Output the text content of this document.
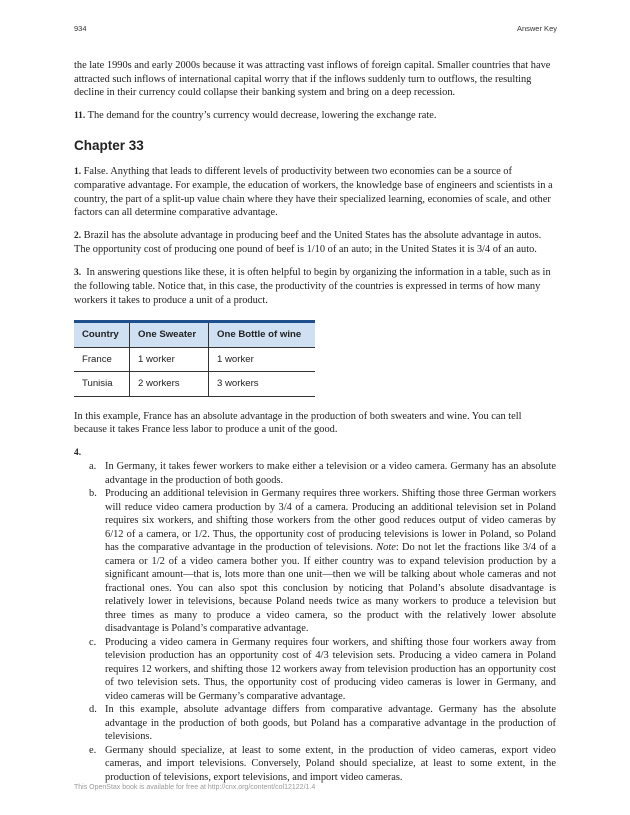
934	Answer Key

the late 1990s and early 2000s because it was attracting vast inflows of foreign capital. Smaller countries that have attracted such inflows of international capital worry that if the inflows suddenly turn to outflows, the resulting decline in their currency could collapse their banking system and bring on a deep recession.

11. The demand for the country’s currency would decrease, lowering the exchange rate.

Chapter 33

1. False. Anything that leads to different levels of productivity between two economies can be a source of comparative advantage. For example, the education of workers, the knowledge base of engineers and scientists in a country, the part of a split-up value chain where they have their specialized learning, economies of scale, and other factors can all determine comparative advantage.

2. Brazil has the absolute advantage in producing beef and the United States has the absolute advantage in autos. The opportunity cost of producing one pound of beef is 1/10 of an auto; in the United States it is 3/4 of an auto.

3. In answering questions like these, it is often helpful to begin by organizing the information in a table, such as in the following table. Notice that, in this case, the productivity of the countries is expressed in terms of how many workers it takes to produce a unit of a product.

Country	One Sweater	One Bottle of wine
France	1 worker	1 worker
Tunisia	2 workers	3 workers

In this example, France has an absolute advantage in the production of both sweaters and wine. You can tell because it takes France less labor to produce a unit of the good.

4.

a. In Germany, it takes fewer workers to make either a television or a video camera. Germany has an absolute advantage in the production of both goods.
b. Producing an additional television in Germany requires three workers. Shifting those three German workers will reduce video camera production by 3/4 of a camera. Producing an additional television set in Poland requires six workers, and shifting those workers from the other good reduces output of video cameras by 6/12 of a camera, or 1/2. Thus, the opportunity cost of producing televisions is lower in Poland, so Poland has the comparative advantage in the production of televisions. Note: Do not let the fractions like 3/4 of a camera or 1/2 of a video camera bother you. If either country was to expand television production by a significant amount—that is, lots more than one unit—then we will be talking about whole cameras and not fractional ones. You can also spot this conclusion by noticing that Poland’s absolute disadvantage is relatively lower in televisions, because Poland needs twice as many workers to produce a television but three times as many to produce a video camera, so the product with the relatively lower absolute disadvantage is Poland’s comparative advantage.
c. Producing a video camera in Germany requires four workers, and shifting those four workers away from television production has an opportunity cost of 4/3 television sets. Producing a video camera in Poland requires 12 workers, and shifting those 12 workers away from television production has an opportunity cost of two television sets. Thus, the opportunity cost of producing video cameras is lower in Germany, and video cameras will be Germany’s comparative advantage.
d. In this example, absolute advantage differs from comparative advantage. Germany has the absolute advantage in the production of both goods, but Poland has a comparative advantage in the production of televisions.
e. Germany should specialize, at least to some extent, in the production of video cameras, export video cameras, and import televisions. Conversely, Poland should specialize, at least to some extent, in the production of televisions, export televisions, and import video cameras.
This OpenStax book is available for free at http://cnx.org/content/col12122/1.4
